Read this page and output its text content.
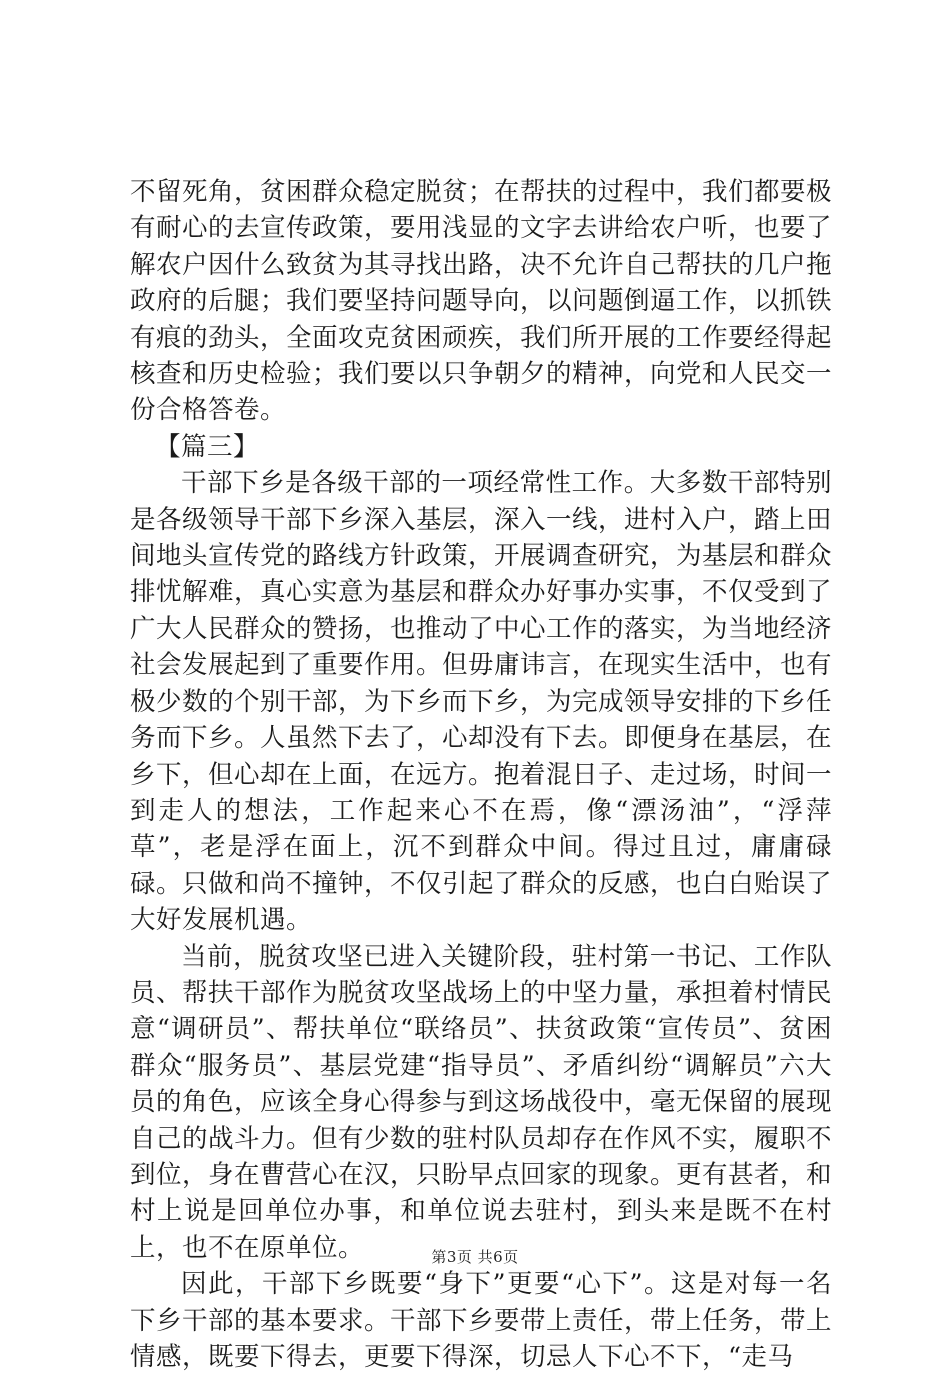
不留死角，贫困群众稳定脱贫；在帮扶的过程中，我们都要极有耐心的去宣传政策，要用浅显的文字去讲给农户听，也要了解农户因什么致贫为其寻找出路，决不允许自己帮扶的几户拖政府的后腿；我们要坚持问题导向，以问题倒逼工作，以抓铁有痕的劲头，全面攻克贫困顽疾，我们所开展的工作要经得起核查和历史检验；我们要以只争朝夕的精神，向党和人民交一份合格答卷。

【篇三】

干部下乡是各级干部的一项经常性工作。大多数干部特别是各级领导干部下乡深入基层，深入一线，进村入户，踏上田间地头宣传党的路线方针政策，开展调查研究，为基层和群众排忧解难，真心实意为基层和群众办好事办实事，不仅受到了广大人民群众的赞扬，也推动了中心工作的落实，为当地经济社会发展起到了重要作用。但毋庸讳言，在现实生活中，也有极少数的个别干部，为下乡而下乡，为完成领导安排的下乡任务而下乡。人虽然下去了，心却没有下去。即便身在基层，在乡下，但心却在上面，在远方。抱着混日子、走过场，时间一到走人的想法，工作起来心不在焉，像“漂汤油”，“浮萍草”，老是浮在面上，沉不到群众中间。得过且过，庸庸碌碌。只做和尚不撞钟，不仅引起了群众的反感，也白白贻误了大好发展机遇。

当前，脱贫攻坚已进入关键阶段，驻村第一书记、工作队员、帮扶干部作为脱贫攻坚战场上的中坚力量，承担着村情民意“调研员”、帮扶单位“联络员”、扶贫政策“宣传员”、贫困群众“服务员”、基层党建“指导员”、矛盾纠纷“调解员”六大员的角色，应该全身心得参与到这场战役中，毫无保留的展现自己的战斗力。但有少数的驻村队员却存在作风不实，履职不到位，身在曹营心在汉，只盼早点回家的现象。更有甚者，和村上说是回单位办事，和单位说去驻村，到头来是既不在村上，也不在原单位。

因此，干部下乡既要“身下”更要“心下”。这是对每一名下乡干部的基本要求。干部下乡要带上责任，带上任务，带上情感，既要下得去，更要下得深，切忌人下心不下，“走马

第3页 共6页
